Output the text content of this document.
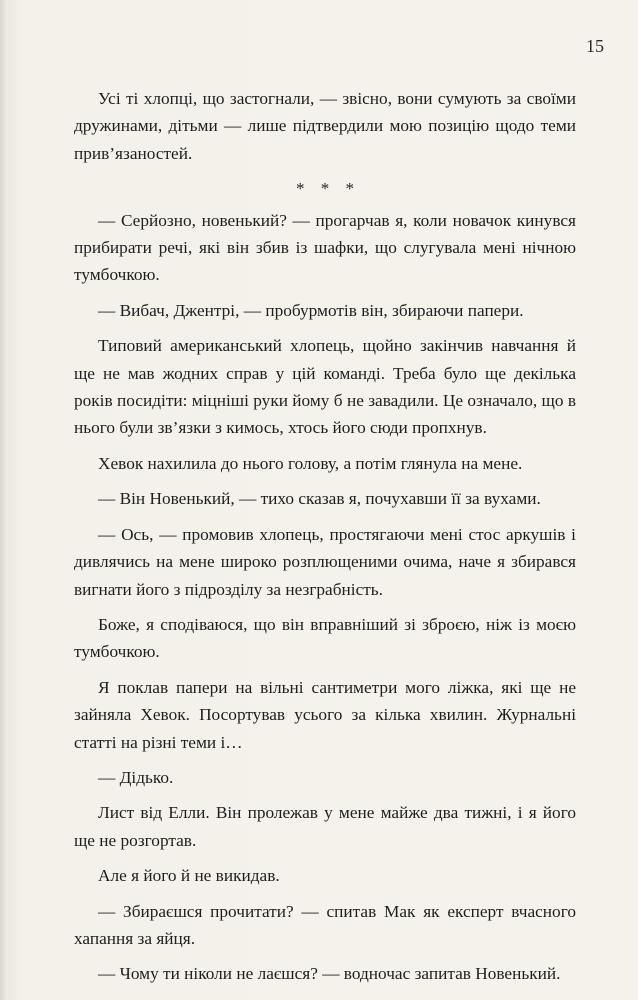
15

Усі ті хлопці, що застогнали, — звісно, вони сумують за своїми дружинами, дітьми — лише підтвердили мою позицію щодо теми прив’язаностей.

* * *

— Серйозно, новенький? — прогарчав я, коли новачок кинувся прибирати речі, які він збив із шафки, що слугувала мені нічною тумбочкою.

— Вибач, Джентрі, — пробурмотів він, збираючи папери.

Типовий американський хлопець, щойно закінчив навчання й ще не мав жодних справ у цій команді. Треба було ще декілька років посидіти: міцніші руки йому б не завадили. Це означало, що в нього були зв’язки з кимось, хтось його сюди пропхнув.

Хевок нахилила до нього голову, а потім глянула на мене.

— Він Новенький, — тихо сказав я, почухавши її за вухами.

— Ось, — промовив хлопець, простягаючи мені стос аркушів і дивлячись на мене широко розплющеними очима, наче я збирався вигнати його з підрозділу за незграбність.

Боже, я сподіваюся, що він вправніший зі зброєю, ніж із моєю тумбочкою.

Я поклав папери на вільні сантиметри мого ліжка, які ще не зайняла Хевок. Посортував усього за кілька хвилин. Журнальні статті на різні теми і…

— Дідько.

Лист від Елли. Він пролежав у мене майже два тижні, і я його ще не розгортав.

Але я його й не викидав.

— Збираєшся прочитати? — спитав Мак як експерт вчасного хапання за яйця.

— Чому ти ніколи не лаєшся? — водночас запитав Новенький.
